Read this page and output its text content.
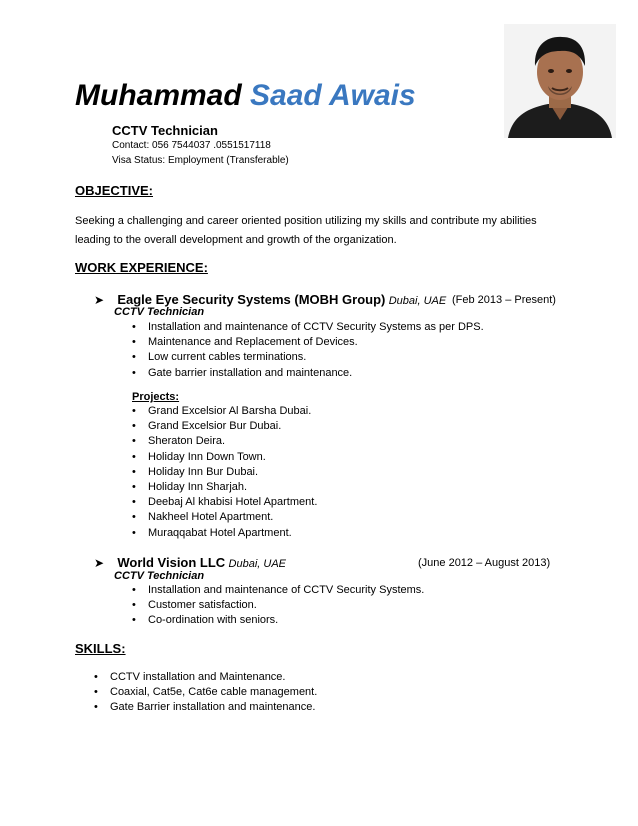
Muhammad Saad Awais
CCTV Technician
Contact: 056 7544037 .0551517118
Visa Status: Employment (Transferable)
OBJECTIVE:
Seeking a challenging and career oriented position utilizing my skills and contribute my abilities leading to the overall development and growth of the organization.
WORK EXPERIENCE:
➤ Eagle Eye Security Systems (MOBH Group) Dubai, UAE (Feb 2013 – Present)
CCTV Technician
• Installation and maintenance of CCTV Security Systems as per DPS.
• Maintenance and Replacement of Devices.
• Low current cables terminations.
• Gate barrier installation and maintenance.
Projects:
• Grand Excelsior Al Barsha Dubai.
• Grand Excelsior Bur Dubai.
• Sheraton Deira.
• Holiday Inn Down Town.
• Holiday Inn Bur Dubai.
• Holiday Inn Sharjah.
• Deebaj Al khabisi Hotel Apartment.
• Nakheel Hotel Apartment.
• Muraqqabat Hotel Apartment.
➤ World Vision LLC Dubai, UAE	(June 2012 – August 2013)
CCTV Technician
• Installation and maintenance of CCTV Security Systems.
• Customer satisfaction.
• Co-ordination with seniors.
SKILLS:
• CCTV installation and Maintenance.
• Coaxial, Cat5e, Cat6e cable management.
• Gate Barrier installation and maintenance.
